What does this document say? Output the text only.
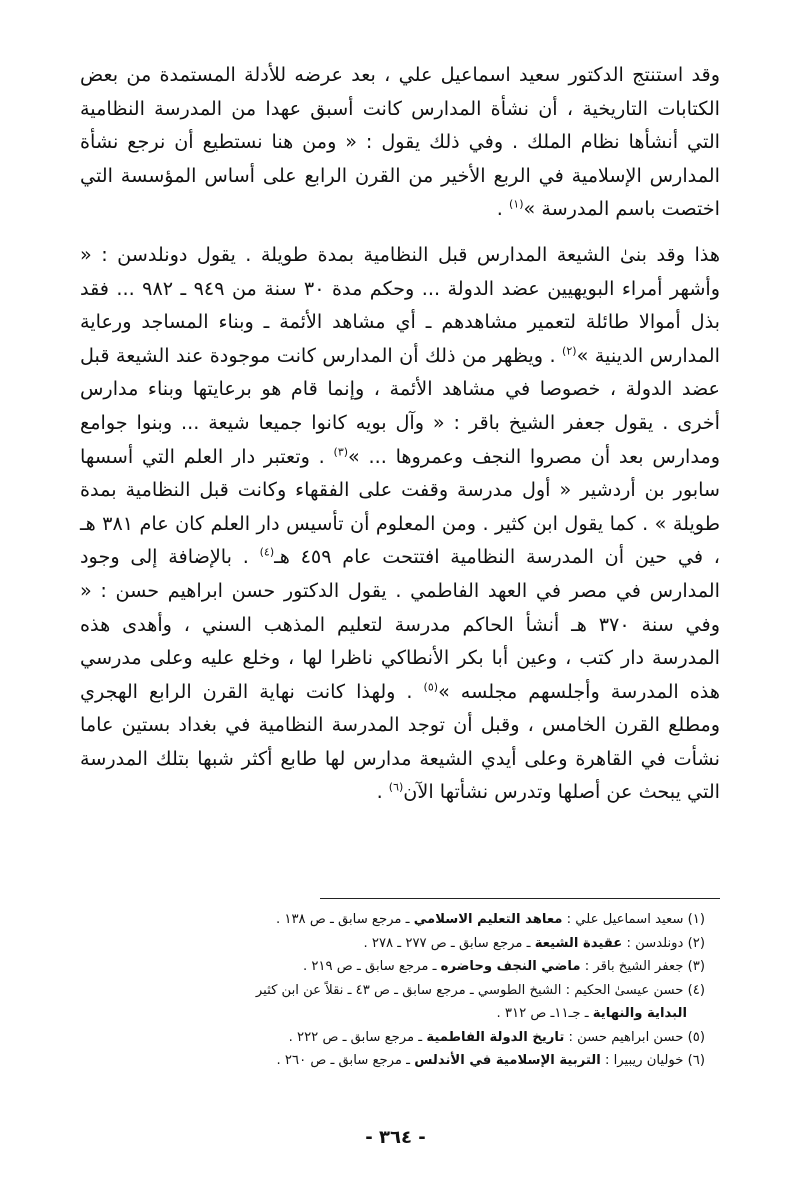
وقد استنتج الدكتور سعيد اسماعيل علي ، بعد عرضه للأدلة المستمدة من بعض الكتابات التاريخية ، أن نشأة المدارس كانت أسبق عهدا من المدرسة النظامية التي أنشأها نظام الملك . وفي ذلك يقول : « ومن هنا نستطيع أن نرجع نشأة المدارس الإسلامية في الربع الأخير من القرن الرابع على أساس المؤسسة التي اختصت باسم المدرسة »$^{(١)}$ .

هذا وقد بنىٰ الشيعة المدارس قبل النظامية بمدة طويلة . يقول دونلدسن : « وأشهر أمراء البويهيين عضد الدولة ... وحكم مدة ٣٠ سنة من ٩٤٩ ـ ٩٨٢ ... فقد بذل أموالا طائلة لتعمير مشاهدهم ـ أي مشاهد الأئمة ـ وبناء المساجد ورعاية المدارس الدينية »$^{(٢)}$ . ويظهر من ذلك أن المدارس كانت موجودة عند الشيعة قبل عضد الدولة ، خصوصا في مشاهد الأئمة ، وإنما قام هو برعايتها وبناء مدارس أخرى . يقول جعفر الشيخ باقر : « وآل بويه كانوا جميعا شيعة ... وبنوا جوامع ومدارس بعد أن مصروا النجف وعمروها ... »$^{(٣)}$ . وتعتبر دار العلم التي أسسها سابور بن أردشير « أول مدرسة وقفت على الفقهاء وكانت قبل النظامية بمدة طويلة » . كما يقول ابن كثير . ومن المعلوم أن تأسيس دار العلم كان عام ٣٨١ هـ ، في حين أن المدرسة النظامية افتتحت عام ٤٥٩ هـ$^{(٤)}$ . بالإضافة إلى وجود المدارس في مصر في العهد الفاطمي . يقول الدكتور حسن ابراهيم حسن : « وفي سنة ٣٧٠ هـ أنشأ الحاكم مدرسة لتعليم المذهب السني ، وأهدى هذه المدرسة دار كتب ، وعين أبا بكر الأنطاكي ناظرا لها ، وخلع عليه وعلى مدرسي هذه المدرسة وأجلسهم مجلسه »$^{(٥)}$ . ولهذا كانت نهاية القرن الرابع الهجري ومطلع القرن الخامس ، وقبل أن توجد المدرسة النظامية في بغداد بستين عاما نشأت في القاهرة وعلى أيدي الشيعة مدارس لها طابع أكثر شبها بتلك المدرسة التي يبحث عن أصلها وتدرس نشأتها الآن$^{(٦)}$ .

(١) سعيد اسماعيل علي : معاهد التعليم الاسلامي ـ مرجع سابق ـ ص ١٣٨ .

(٢) دونلدسن : عقيدة الشيعة ـ مرجع سابق ـ ص ٢٧٧ ـ ٢٧٨ .

(٣) جعفر الشيخ باقر : ماضي النجف وحاضره ـ مرجع سابق ـ ص ٢١٩ .

(٤) حسن عيسىٰ الحكيم : الشيخ الطوسي ـ مرجع سابق ـ ص ٤٣ ـ نقلاً عن ابن كثير
البداية والنهاية ـ جـ١١ـ ص ٣١٢ .

(٥) حسن ابراهيم حسن : تاريخ الدولة الفاطمية ـ مرجع سابق ـ ص ٢٢٢ .

(٦) خوليان ريبيرا : التربية الإسلامية في الأندلس ـ مرجع سابق ـ ص ٢٦٠ .

- ٣٦٤ -
